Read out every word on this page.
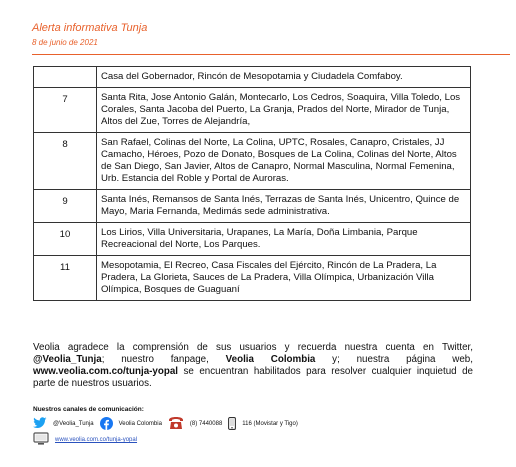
Alerta informativa Tunja
8 de junio de 2021
	Casa del Gobernador, Rincón de Mesopotamia y Ciudadela Comfaboy.
7	Santa Rita, Jose Antonio Galán, Montecarlo, Los Cedros, Soaquira, Villa Toledo, Los Corales, Santa Jacoba del Puerto, La Granja, Prados del Norte, Mirador de Tunja, Altos del Zue, Torres de Alejandría,
8	San Rafael, Colinas del Norte, La Colina, UPTC, Rosales, Canapro, Cristales, JJ Camacho, Héroes, Pozo de Donato, Bosques de La Colina, Colinas del Norte, Altos de San Diego, San Javier, Altos de Canapro, Normal Masculina, Normal Femenina, Urb. Estancia del Roble y Portal de Auroras.
9	Santa Inés, Remansos de Santa Inés, Terrazas de Santa Inés, Unicentro, Quince de Mayo, Maria Fernanda, Medimás sede administrativa.
10	Los Lirios, Villa Universitaria, Urapanes, La María, Doña Limbania, Parque Recreacional del Norte, Los Parques.
11	Mesopotamia, El Recreo, Casa Fiscales del Ejército, Rincón de La Pradera, La Pradera, La Glorieta, Sauces de La Pradera, Villa Olímpica, Urbanización Villa Olímpica, Bosques de Guaguaní
Veolia agradece la comprensión de sus usuarios y recuerda nuestra cuenta en Twitter, @Veolia_Tunja; nuestro fanpage, Veolia Colombia y; nuestra página web, www.veolia.com.co/tunja-yopal se encuentran habilitados para resolver cualquier inquietud de parte de nuestros usuarios.
Nuestros canales de comunicación:
@Veolia_Tunja	Veolia Colombia	(8) 7440088	116 (Movistar y Tigo)
www.veolia.com.co/tunja-yopal
